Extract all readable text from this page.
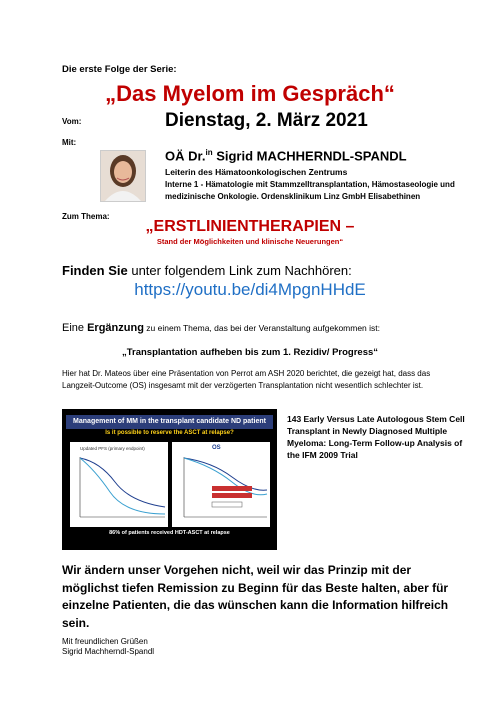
Die erste Folge der Serie:
„Das Myelom im Gespräch“
Vom:	Dienstag, 2. März 2021
Mit:
OÄ Dr.$^{in}$ Sigrid MACHHERNDL-SPANDL
Leiterin des Hämatoonkologischen Zentrums
Interne 1 - Hämatologie mit Stammzelltransplantation, Hämostaseologie und medizinische Onkologie. Ordensklinikum Linz GmbH Elisabethinen
Zum Thema:
„ERSTLINIENTHERAPIEN –
Stand der Möglichkeiten und klinische Neuerungen“
Finden Sie unter folgendem Link zum Nachhören:
https://youtu.be/di4MpgnHHdE
Eine Ergänzung zu einem Thema, das bei der Veranstaltung aufgekommen ist:
„Transplantation aufheben bis zum 1. Rezidiv/ Progress“
Hier hat Dr. Mateos über eine Präsentation von Perrot am ASH 2020 berichtet, die gezeigt hat, dass das Langzeit-Outcome (OS) insgesamt mit der verzögerten Transplantation nicht wesentlich schlechter ist.
Management of MM in the transplant candidate ND patient
Is it possible to reserve the ASCT at relapse?
Updated PFS (primary endpoint)	OS
86% of patients received HDT-ASCT at relapse
143 Early Versus Late Autologous Stem Cell Transplant in Newly Diagnosed Multiple Myeloma: Long-Term Follow-up Analysis of the IFM 2009 Trial
Wir ändern unser Vorgehen nicht, weil wir das Prinzip mit der möglichst tiefen Remission zu Beginn für das Beste halten, aber für einzelne Patienten, die das wünschen kann die Information hilfreich sein.
Mit freundlichen Grüßen
Sigrid Machherndl-Spandl
